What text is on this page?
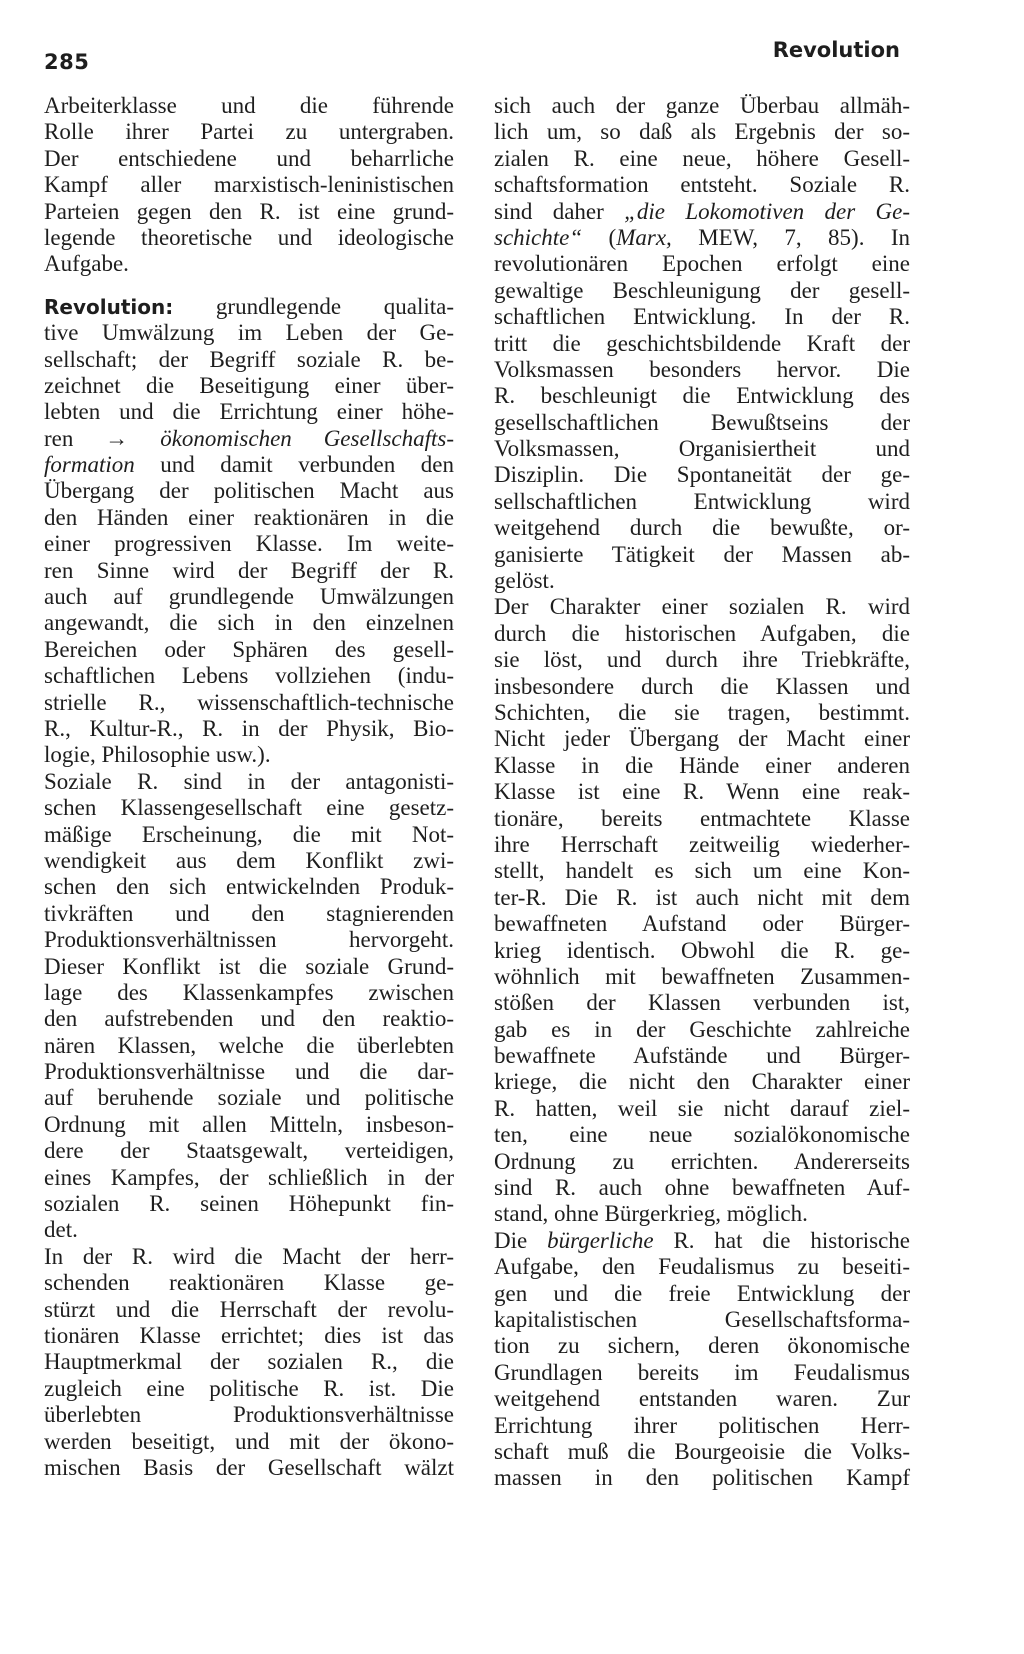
285	Revolution
Arbeiterklasse und die führende
Rolle ihrer Partei zu untergraben.
Der entschiedene und beharrliche
Kampf aller marxistisch-leninistischen
Parteien gegen den R. ist eine grund-
legende theoretische und ideologische
Aufgabe.
Revolution: grundlegende qualita-
tive Umwälzung im Leben der Ge-
sellschaft; der Begriff soziale R. be-
zeichnet die Beseitigung einer über-
lebten und die Errichtung einer höhe-
ren → ökonomischen Gesellschafts-
formation und damit verbunden den
Übergang der politischen Macht aus
den Händen einer reaktionären in die
einer progressiven Klasse. Im weite-
ren Sinne wird der Begriff der R.
auch auf grundlegende Umwälzungen
angewandt, die sich in den einzelnen
Bereichen oder Sphären des gesell-
schaftlichen Lebens vollziehen (indu-
strielle R., wissenschaftlich-technische
R., Kultur-R., R. in der Physik, Bio-
logie, Philosophie usw.).
Soziale R. sind in der antagonisti-
schen Klassengesellschaft eine gesetz-
mäßige Erscheinung, die mit Not-
wendigkeit aus dem Konflikt zwi-
schen den sich entwickelnden Produk-
tivkräften und den stagnierenden
Produktionsverhältnissen hervorgeht.
Dieser Konflikt ist die soziale Grund-
lage des Klassenkampfes zwischen
den aufstrebenden und den reaktio-
nären Klassen, welche die überlebten
Produktionsverhältnisse und die dar-
auf beruhende soziale und politische
Ordnung mit allen Mitteln, insbeson-
dere der Staatsgewalt, verteidigen,
eines Kampfes, der schließlich in der
sozialen R. seinen Höhepunkt fin-
det.
In der R. wird die Macht der herr-
schenden reaktionären Klasse ge-
stürzt und die Herrschaft der revolu-
tionären Klasse errichtet; dies ist das
Hauptmerkmal der sozialen R., die
zugleich eine politische R. ist. Die
überlebten Produktionsverhältnisse
werden beseitigt, und mit der ökono-
mischen Basis der Gesellschaft wälzt
sich auch der ganze Überbau allmäh-
lich um, so daß als Ergebnis der so-
zialen R. eine neue, höhere Gesell-
schaftsformation entsteht. Soziale R.
sind daher „die Lokomotiven der Ge-
schichte“ (Marx, MEW, 7, 85). In
revolutionären Epochen erfolgt eine
gewaltige Beschleunigung der gesell-
schaftlichen Entwicklung. In der R.
tritt die geschichtsbildende Kraft der
Volksmassen besonders hervor. Die
R. beschleunigt die Entwicklung des
gesellschaftlichen Bewußtseins der
Volksmassen, Organisiertheit und
Disziplin. Die Spontaneität der ge-
sellschaftlichen Entwicklung wird
weitgehend durch die bewußte, or-
ganisierte Tätigkeit der Massen ab-
gelöst.
Der Charakter einer sozialen R. wird
durch die historischen Aufgaben, die
sie löst, und durch ihre Triebkräfte,
insbesondere durch die Klassen und
Schichten, die sie tragen, bestimmt.
Nicht jeder Übergang der Macht einer
Klasse in die Hände einer anderen
Klasse ist eine R. Wenn eine reak-
tionäre, bereits entmachtete Klasse
ihre Herrschaft zeitweilig wiederher-
stellt, handelt es sich um eine Kon-
ter-R. Die R. ist auch nicht mit dem
bewaffneten Aufstand oder Bürger-
krieg identisch. Obwohl die R. ge-
wöhnlich mit bewaffneten Zusammen-
stößen der Klassen verbunden ist,
gab es in der Geschichte zahlreiche
bewaffnete Aufstände und Bürger-
kriege, die nicht den Charakter einer
R. hatten, weil sie nicht darauf ziel-
ten, eine neue sozialökonomische
Ordnung zu errichten. Andererseits
sind R. auch ohne bewaffneten Auf-
stand, ohne Bürgerkrieg, möglich.
Die bürgerliche R. hat die historische
Aufgabe, den Feudalismus zu beseiti-
gen und die freie Entwicklung der
kapitalistischen Gesellschaftsforma-
tion zu sichern, deren ökonomische
Grundlagen bereits im Feudalismus
weitgehend entstanden waren. Zur
Errichtung ihrer politischen Herr-
schaft muß die Bourgeoisie die Volks-
massen in den politischen Kampf
